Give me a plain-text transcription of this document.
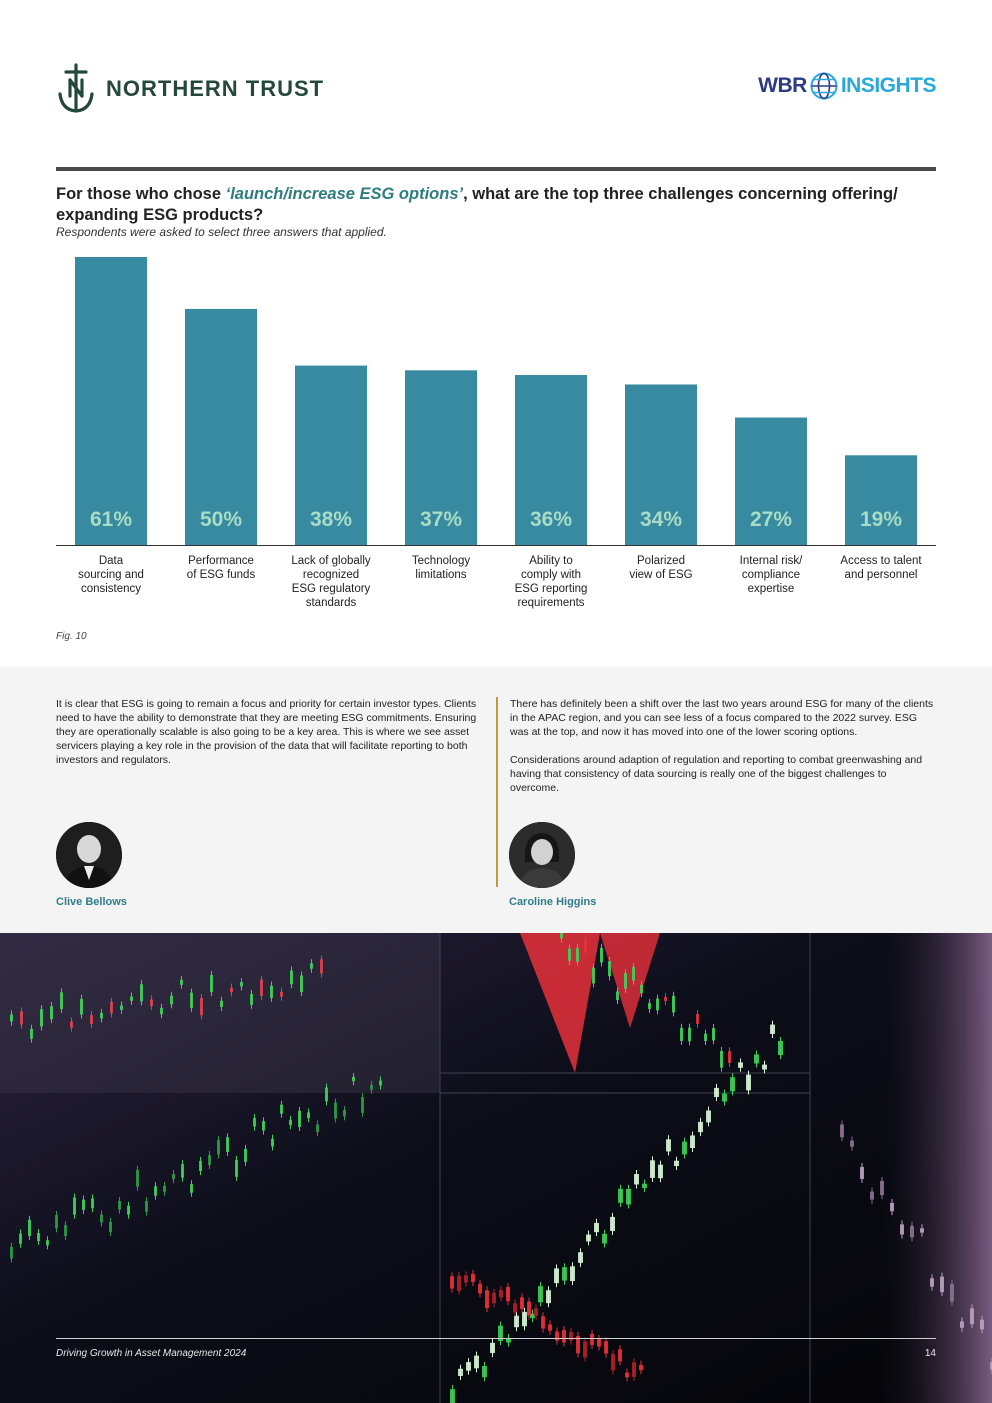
NORTHERN TRUST	WBR INSIGHTS
For those who chose ‘launch/increase ESG options’, what are the top three challenges concerning offering/ expanding ESG products?
Respondents were asked to select three answers that applied.
61%	50%	38%	37%	36%	34%	27%	19%
Data
sourcing and
consistency
Performance
of ESG funds
Lack of globally
recognized
ESG regulatory
standards
Technology
limitations
Ability to
comply with
ESG reporting
requirements
Polarized
view of ESG
Internal risk/
compliance
expertise
Access to talent
and personnel
Fig. 10

It is clear that ESG is going to remain a focus and priority for certain investor types. Clients need to have the ability to demonstrate that they are meeting ESG commitments. Ensuring they are operationally scalable is also going to be a key area. This is where we see asset servicers playing a key role in the provision of the data that will facilitate reporting to both investors and regulators.

There has definitely been a shift over the last two years around ESG for many of the clients in the APAC region, and you can see less of a focus compared to the 2022 survey. ESG was at the top, and now it has moved into one of the lower scoring options.

Considerations around adaption of regulation and reporting to combat greenwashing and having that consistency of data sourcing is really one of the biggest challenges to overcome.

Clive Bellows	Caroline Higgins
Driving Growth in Asset Management 2024	14
